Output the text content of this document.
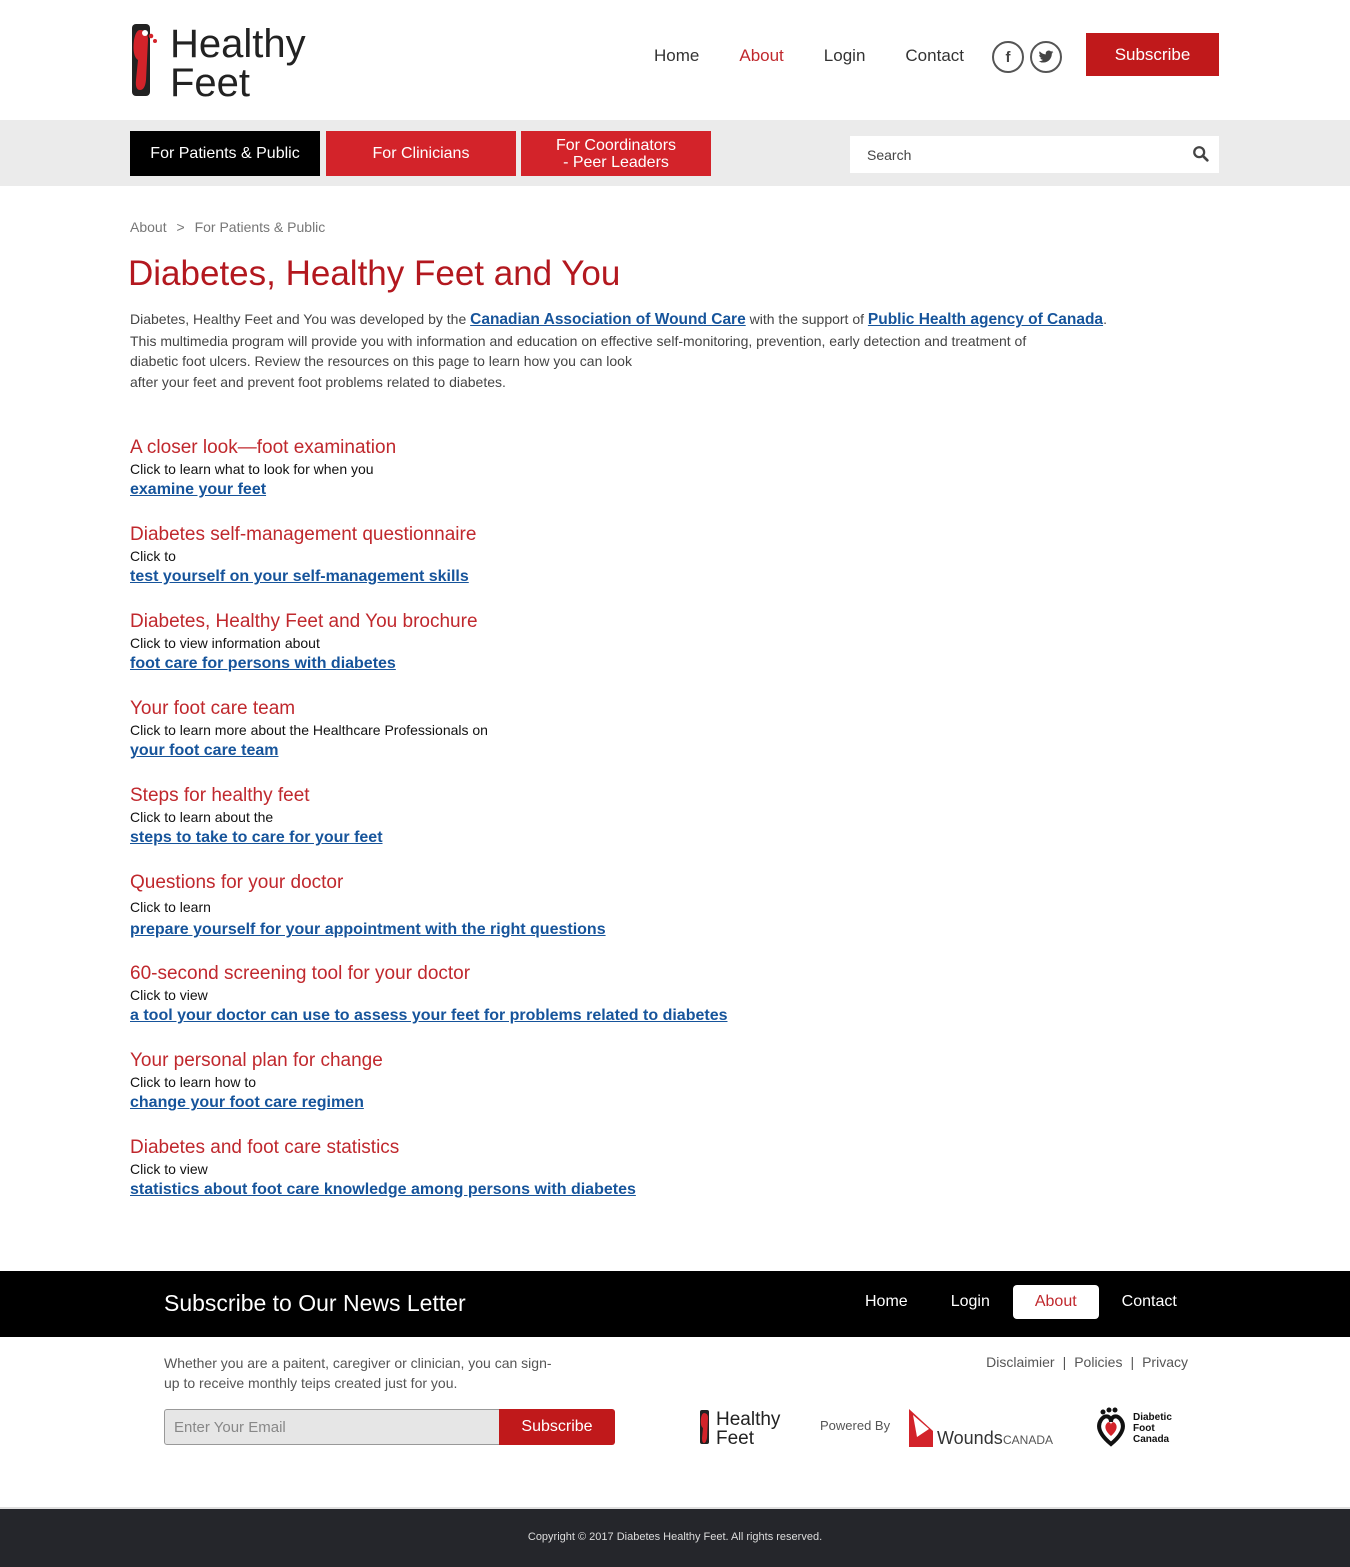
Healthy
Feet
Home About Login Contact	f	Subscribe
For Patients & Public	For Clinicians	For Coordinators
- Peer Leaders
Search
About > For Patients & Public
Diabetes, Healthy Feet and You
Diabetes, Healthy Feet and You was developed by the Canadian Association of Wound Care with the support of Public Health agency of Canada.
This multimedia program will provide you with information and education on effective self-monitoring, prevention, early detection and treatment of diabetic foot ulcers. Review the resources on this page to learn how you can look
after your feet and prevent foot problems related to diabetes.
A closer look—foot examination

Click to learn what to look for when you

examine your feet
Diabetes self-management questionnaire

Click to

test yourself on your self-management skills
Diabetes, Healthy Feet and You brochure

Click to view information about

foot care for persons with diabetes
Your foot care team

Click to learn more about the Healthcare Professionals on

your foot care team
Steps for healthy feet

Click to learn about the

steps to take to care for your feet
Questions for your doctor

Click to learn

prepare yourself for your appointment with the right questions
60-second screening tool for your doctor

Click to view

a tool your doctor can use to assess your feet for problems related to diabetes
Your personal plan for change

Click to learn how to

change your foot care regimen
Diabetes and foot care statistics

Click to view

statistics about foot care knowledge among persons with diabetes
Subscribe to Our News Letter	Home	Login	About	Contact

Whether you are a paitent, caregiver or clinician, you can sign-up to receive monthly teips created just for you.

Enter Your Email
Subscribe
Disclaimier | Policies | Privacy
Healthy
Feet
Powered By
Wounds CANADA
Diabetic
Foot
Canada

Copyright © 2017 Diabetes Healthy Feet. All rights reserved.
